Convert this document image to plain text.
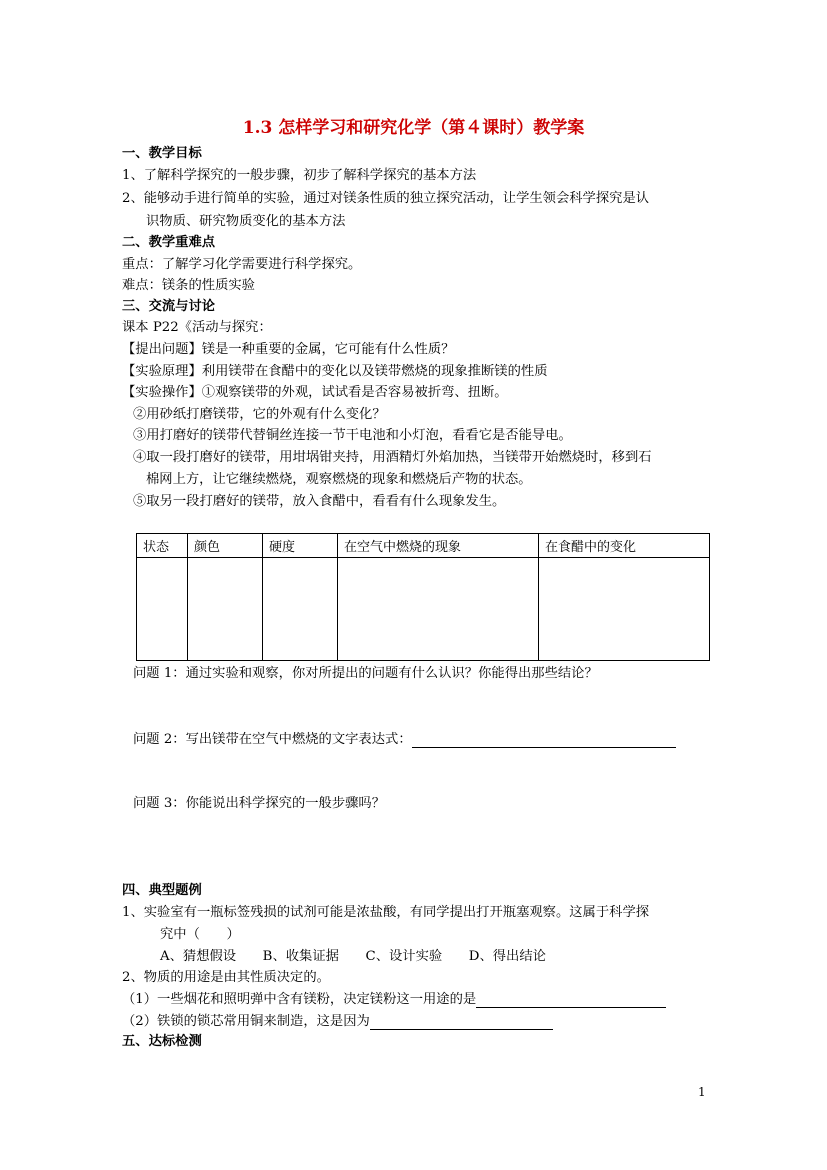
1.3 怎样学习和研究化学（第４课时）教学案
一、教学目标
1、了解科学探究的一般步骤，初步了解科学探究的基本方法
2、能够动手进行简单的实验，通过对镁条性质的独立探究活动，让学生领会科学探究是认
识物质、研究物质变化的基本方法
二、教学重难点
重点：了解学习化学需要进行科学探究。
难点：镁条的性质实验
三、交流与讨论
课本 P22《活动与探究：
【提出问题】镁是一种重要的金属，它可能有什么性质？
【实验原理】利用镁带在食醋中的变化以及镁带燃烧的现象推断镁的性质
【实验操作】①观察镁带的外观，试试看是否容易被折弯、扭断。
②用砂纸打磨镁带，它的外观有什么变化？
③用打磨好的镁带代替铜丝连接一节干电池和小灯泡，看看它是否能导电。
④取一段打磨好的镁带，用坩埚钳夹持，用酒精灯外焰加热，当镁带开始燃烧时，移到石
棉网上方，让它继续燃烧，观察燃烧的现象和燃烧后产物的状态。
⑤取另一段打磨好的镁带，放入食醋中，看看有什么现象发生。
状态	颜色	硬度	在空气中燃烧的现象	在食醋中的变化

问题 1：通过实验和观察，你对所提出的问题有什么认识？你能得出那些结论？
问题 2：写出镁带在空气中燃烧的文字表达式：
问题 3：你能说出科学探究的一般步骤吗？
四、典型题例
1、实验室有一瓶标签残损的试剂可能是浓盐酸，有同学提出打开瓶塞观察。这属于科学探
究中（　　）
A、猜想假设　　B、收集证据　　C、设计实验　　D、得出结论
2、物质的用途是由其性质决定的。
（1）一些烟花和照明弹中含有镁粉，决定镁粉这一用途的是
（2）铁锁的锁芯常用铜来制造，这是因为
五、达标检测
1
